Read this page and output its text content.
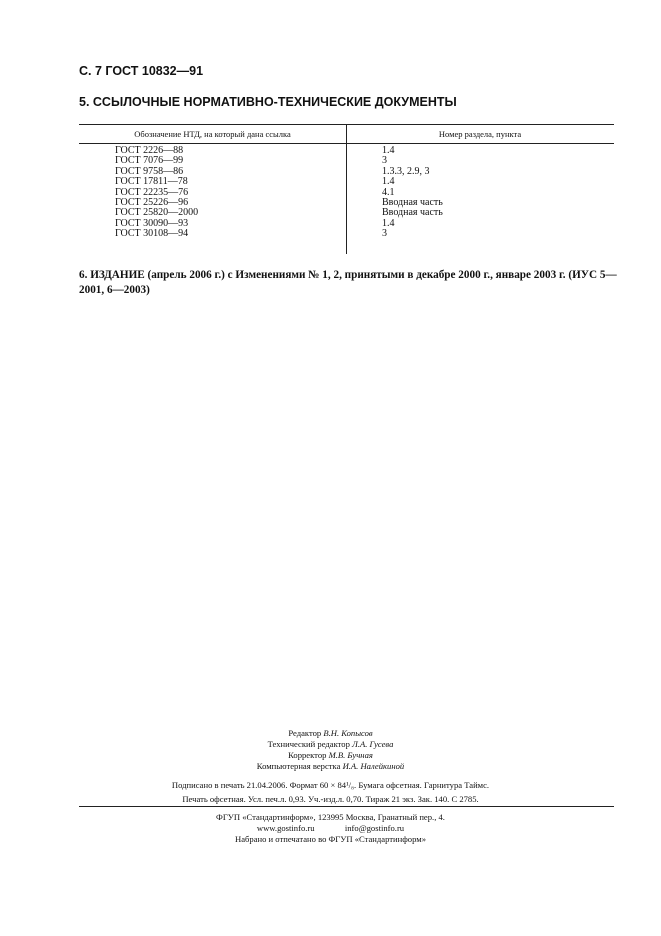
С. 7 ГОСТ 10832—91
5. ССЫЛОЧНЫЕ НОРМАТИВНО-ТЕХНИЧЕСКИЕ ДОКУМЕНТЫ
Обозначение НТД, на который дана ссылка	Номер раздела, пункта
ГОСТ 2226—88
ГОСТ 7076—99
ГОСТ 9758—86
ГОСТ 17811—78
ГОСТ 22235—76
ГОСТ 25226—96
ГОСТ 25820—2000
ГОСТ 30090—93
ГОСТ 30108—94
1.4
3
1.3.3, 2.9, 3
1.4
4.1
Вводная часть
Вводная часть
1.4
3
6. ИЗДАНИЕ (апрель 2006 г.) с Изменениями № 1, 2, принятыми в декабре 2000 г., январе 2003 г. (ИУС 5—2001, 6—2003)
Редактор В.Н. Копысов
Технический редактор Л.А. Гусева
Корректор М.В. Бучная
Компьютерная верстка И.А. Налейкиной
Подписано в печать 21.04.2006. Формат 60 × 84¹/₈. Бумага офсетная. Гарнитура Таймс.
Печать офсетная. Усл. печ.л. 0,93. Уч.-изд.л. 0,70. Тираж 21 экз. Зак. 140. С 2785.
ФГУП «Стандартинформ», 123995 Москва, Гранатный пер., 4.
www.gostinfo.ru	info@gostinfo.ru
Набрано и отпечатано во ФГУП «Стандартинформ»
